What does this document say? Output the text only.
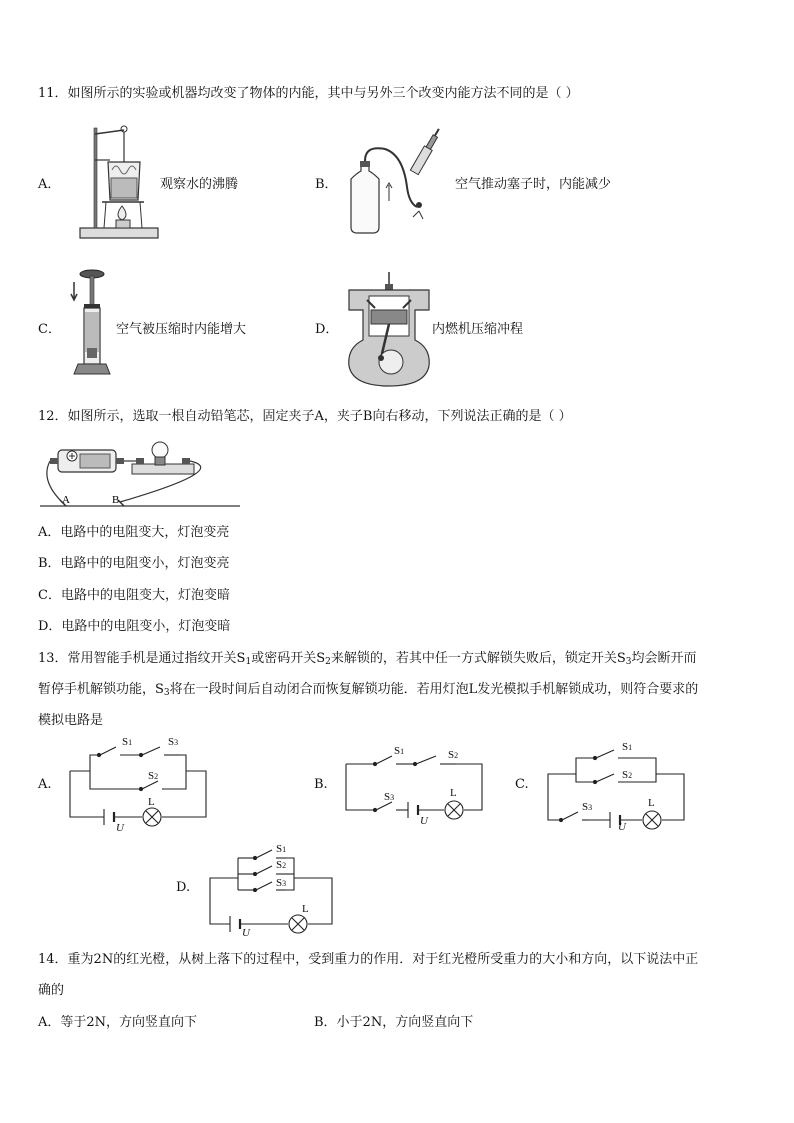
11．如图所示的实验或机器均改变了物体的内能，其中与另外三个改变内能方法不同的是（ ）
A．	观察水的沸腾	B．	空气推动塞子时，内能减少
C．	空气被压缩时内能增大	D．	内燃机压缩冲程
12．如图所示，选取一根自动铅笔芯，固定夹子A，夹子B向右移动，下列说法正确的是（ ）
A	B
A．电路中的电阻变大，灯泡变亮
B．电路中的电阻变小，灯泡变亮
C．电路中的电阻变大，灯泡变暗
D．电路中的电阻变小，灯泡变暗
13．常用智能手机是通过指纹开关$S_1$或密码开关$S_2$来解锁的，若其中任一方式解锁失败后，锁定开关$S_3$均会断开而
暂停手机解锁功能，$S_3$将在一段时间后自动闭合而恢复解锁功能．若用灯泡L发光模拟手机解锁成功，则符合要求的
模拟电路是
A.
S1	S3
S2
L
U
B.
S1	S2
S3	L
U
C.
S1
S2
S3	L
U
D.
S1
S2
S3
L
U
14．重为2N的红光橙，从树上落下的过程中，受到重力的作用．对于红光橙所受重力的大小和方向，以下说法中正
确的
A．等于2N，方向竖直向下	B．小于2N，方向竖直向下
